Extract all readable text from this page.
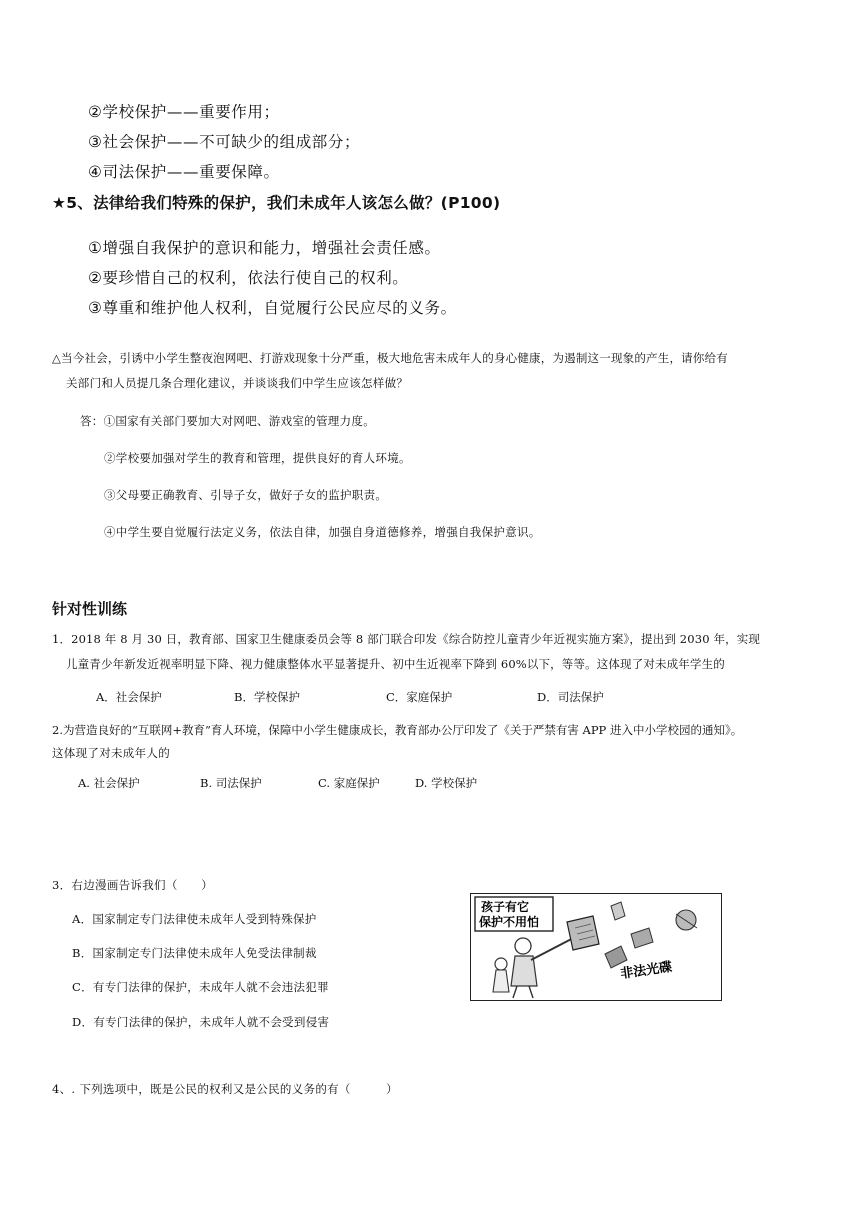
②学校保护——重要作用；
③社会保护——不可缺少的组成部分；
④司法保护——重要保障。
★5、法律给我们特殊的保护，我们未成年人该怎么做？(P100)
①增强自我保护的意识和能力，增强社会责任感。
②要珍惜自己的权利，依法行使自己的权利。
③尊重和维护他人权利，自觉履行公民应尽的义务。
△当今社会，引诱中小学生整夜泡网吧、打游戏现象十分严重，极大地危害未成年人的身心健康，为遏制这一现象的产生，请你给有
关部门和人员提几条合理化建议，并谈谈我们中学生应该怎样做？
答：①国家有关部门要加大对网吧、游戏室的管理力度。
②学校要加强对学生的教育和管理，提供良好的育人环境。
③父母要正确教育、引导子女，做好子女的监护职责。
④中学生要自觉履行法定义务，依法自律，加强自身道德修养，增强自我保护意识。
针对性训练
1．2018 年 8 月 30 日，教育部、国家卫生健康委员会等 8 部门联合印发《综合防控儿童青少年近视实施方案》，提出到 2030 年，实现
儿童青少年新发近视率明显下降、视力健康整体水平显著提升、初中生近视率下降到 60%以下，等等。这体现了对未成年学生的
A．社会保护	B．学校保护	C．家庭保护	D．司法保护
2.为营造良好的“互联网+教育”育人环境，保障中小学生健康成长，教育部办公厅印发了《关于严禁有害 APP 进入中小学校园的通知》。
这体现了对未成年人的
A. 社会保护	B. 司法保护	C. 家庭保护	D. 学校保护
3．右边漫画告诉我们（　　）
A．国家制定专门法律使未成年人受到特殊保护
B．国家制定专门法律使未成年人免受法律制裁
C．有专门法律的保护，未成年人就不会违法犯罪
D．有专门法律的保护，未成年人就不会受到侵害
孩子有它
保护不用怕
非法光碟
4、. 下列选项中，既是公民的权利又是公民的义务的有（　　　）
